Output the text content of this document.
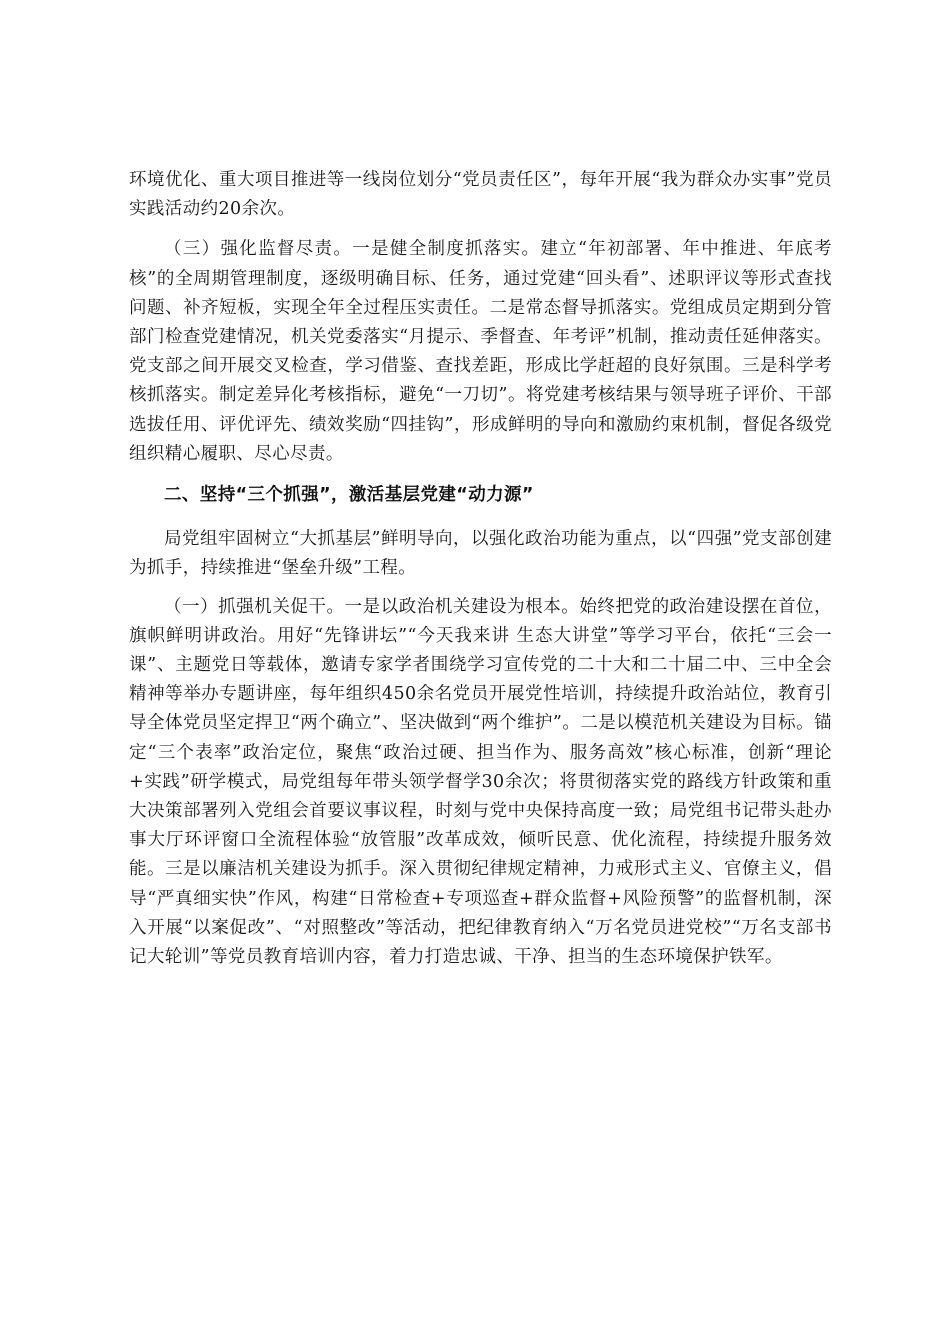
环境优化、重大项目推进等一线岗位划分“党员责任区”，每年开展“我为群众办实事”党员实践活动约20余次。

（三）强化监督尽责。一是健全制度抓落实。建立“年初部署、年中推进、年底考核”的全周期管理制度，逐级明确目标、任务，通过党建“回头看”、述职评议等形式查找问题、补齐短板，实现全年全过程压实责任。二是常态督导抓落实。党组成员定期到分管部门检查党建情况，机关党委落实“月提示、季督查、年考评”机制，推动责任延伸落实。党支部之间开展交叉检查，学习借鉴、查找差距，形成比学赶超的良好氛围。三是科学考核抓落实。制定差异化考核指标，避免“一刀切”。将党建考核结果与领导班子评价、干部选拔任用、评优评先、绩效奖励“四挂钩”，形成鲜明的导向和激励约束机制，督促各级党组织精心履职、尽心尽责。

二、坚持“三个抓强”，激活基层党建“动力源”

局党组牢固树立“大抓基层”鲜明导向，以强化政治功能为重点，以“四强”党支部创建为抓手，持续推进“堡垒升级”工程。

（一）抓强机关促干。一是以政治机关建设为根本。始终把党的政治建设摆在首位，旗帜鲜明讲政治。用好“先锋讲坛”“今天我来讲 生态大讲堂”等学习平台，依托“三会一课”、主题党日等载体，邀请专家学者围绕学习宣传党的二十大和二十届二中、三中全会精神等举办专题讲座，每年组织450余名党员开展党性培训，持续提升政治站位，教育引导全体党员坚定捍卫“两个确立”、坚决做到“两个维护”。二是以模范机关建设为目标。锚定“三个表率”政治定位，聚焦“政治过硬、担当作为、服务高效”核心标准，创新“理论+实践”研学模式，局党组每年带头领学督学30余次；将贯彻落实党的路线方针政策和重大决策部署列入党组会首要议事议程，时刻与党中央保持高度一致；局党组书记带头赴办事大厅环评窗口全流程体验“放管服”改革成效，倾听民意、优化流程，持续提升服务效能。三是以廉洁机关建设为抓手。深入贯彻纪律规定精神，力戒形式主义、官僚主义，倡导“严真细实快”作风，构建“日常检查+专项巡查+群众监督+风险预警”的监督机制，深入开展“以案促改”、“对照整改”等活动，把纪律教育纳入“万名党员进党校”“万名支部书记大轮训”等党员教育培训内容，着力打造忠诚、干净、担当的生态环境保护铁军。
